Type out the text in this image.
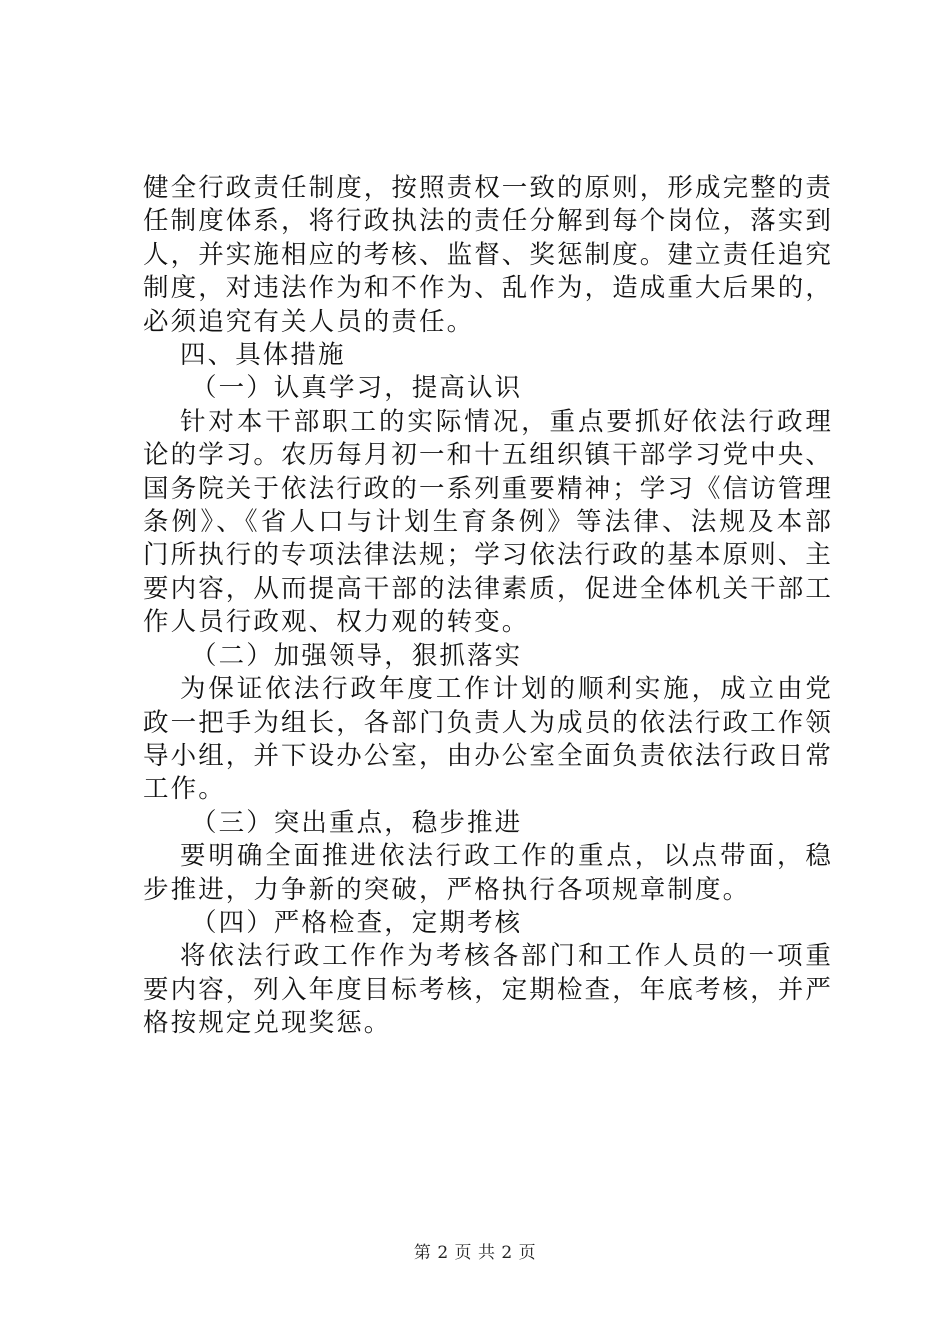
健全行政责任制度，按照责权一致的原则，形成完整的责任制度体系，将行政执法的责任分解到每个岗位，落实到人，并实施相应的考核、监督、奖惩制度。建立责任追究制度，对违法作为和不作为、乱作为，造成重大后果的，必须追究有关人员的责任。

四、具体措施

（一）认真学习，提高认识

针对本干部职工的实际情况，重点要抓好依法行政理论的学习。农历每月初一和十五组织镇干部学习党中央、国务院关于依法行政的一系列重要精神；学习《信访管理条例》、《省人口与计划生育条例》等法律、法规及本部门所执行的专项法律法规；学习依法行政的基本原则、主要内容，从而提高干部的法律素质，促进全体机关干部工作人员行政观、权力观的转变。

（二）加强领导，狠抓落实

为保证依法行政年度工作计划的顺利实施，成立由党政一把手为组长，各部门负责人为成员的依法行政工作领导小组，并下设办公室，由办公室全面负责依法行政日常工作。

（三）突出重点，稳步推进

要明确全面推进依法行政工作的重点，以点带面，稳步推进，力争新的突破，严格执行各项规章制度。

（四）严格检查，定期考核

将依法行政工作作为考核各部门和工作人员的一项重要内容，列入年度目标考核，定期检查，年底考核，并严格按规定兑现奖惩。

第 2 页 共 2 页
